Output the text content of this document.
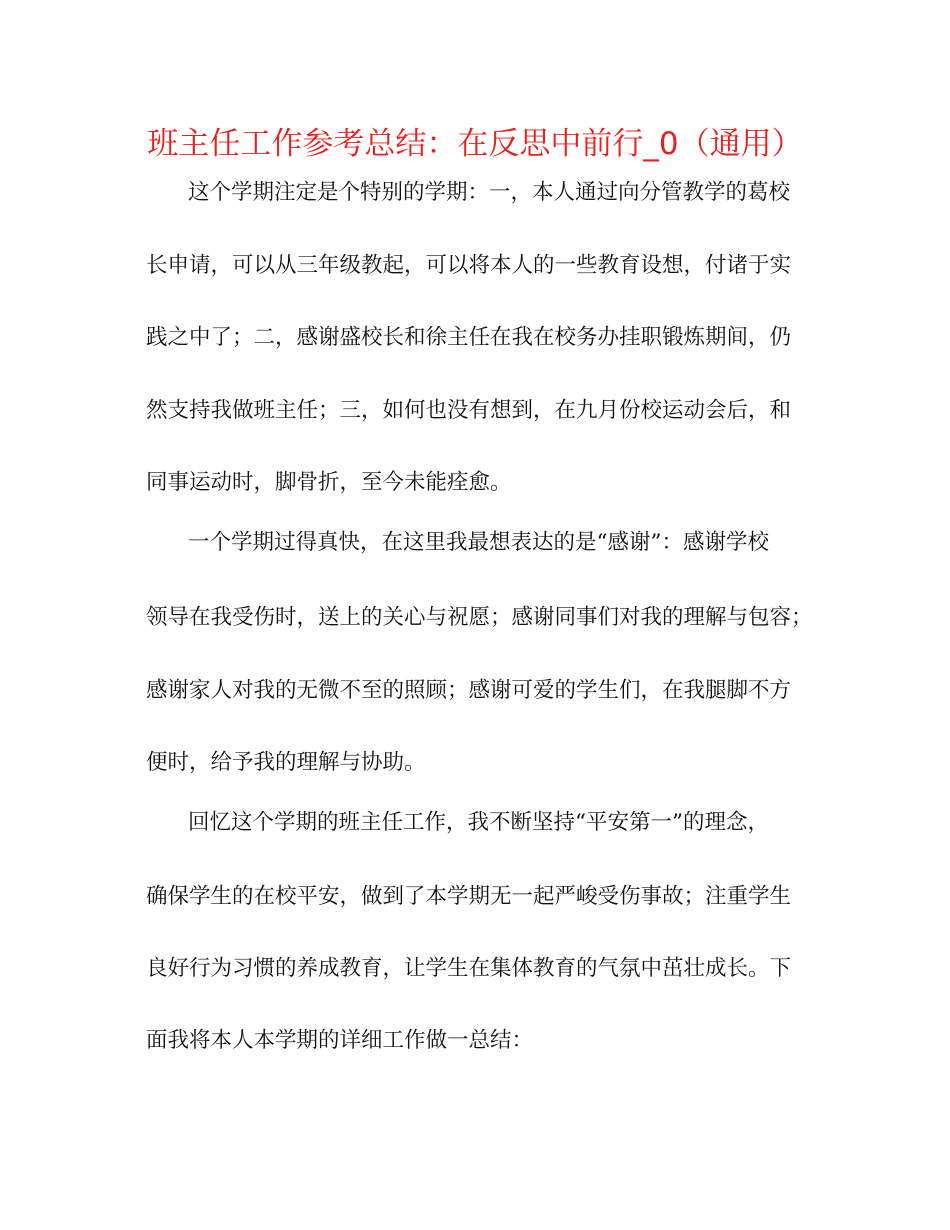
班主任工作参考总结：在反思中前行_0（通用）

这个学期注定是个特别的学期：一，本人通过向分管教学的葛校

长申请，可以从三年级教起，可以将本人的一些教育设想，付诸于实

践之中了；二，感谢盛校长和徐主任在我在校务办挂职锻炼期间，仍

然支持我做班主任；三，如何也没有想到，在九月份校运动会后，和

同事运动时，脚骨折，至今未能痊愈。

一个学期过得真快，在这里我最想表达的是“感谢”：感谢学校

领导在我受伤时，送上的关心与祝愿；感谢同事们对我的理解与包容；

感谢家人对我的无微不至的照顾；感谢可爱的学生们，在我腿脚不方

便时，给予我的理解与协助。

回忆这个学期的班主任工作，我不断坚持“平安第一”的理念，

确保学生的在校平安，做到了本学期无一起严峻受伤事故；注重学生

良好行为习惯的养成教育，让学生在集体教育的气氛中茁壮成长。下

面我将本人本学期的详细工作做一总结：
